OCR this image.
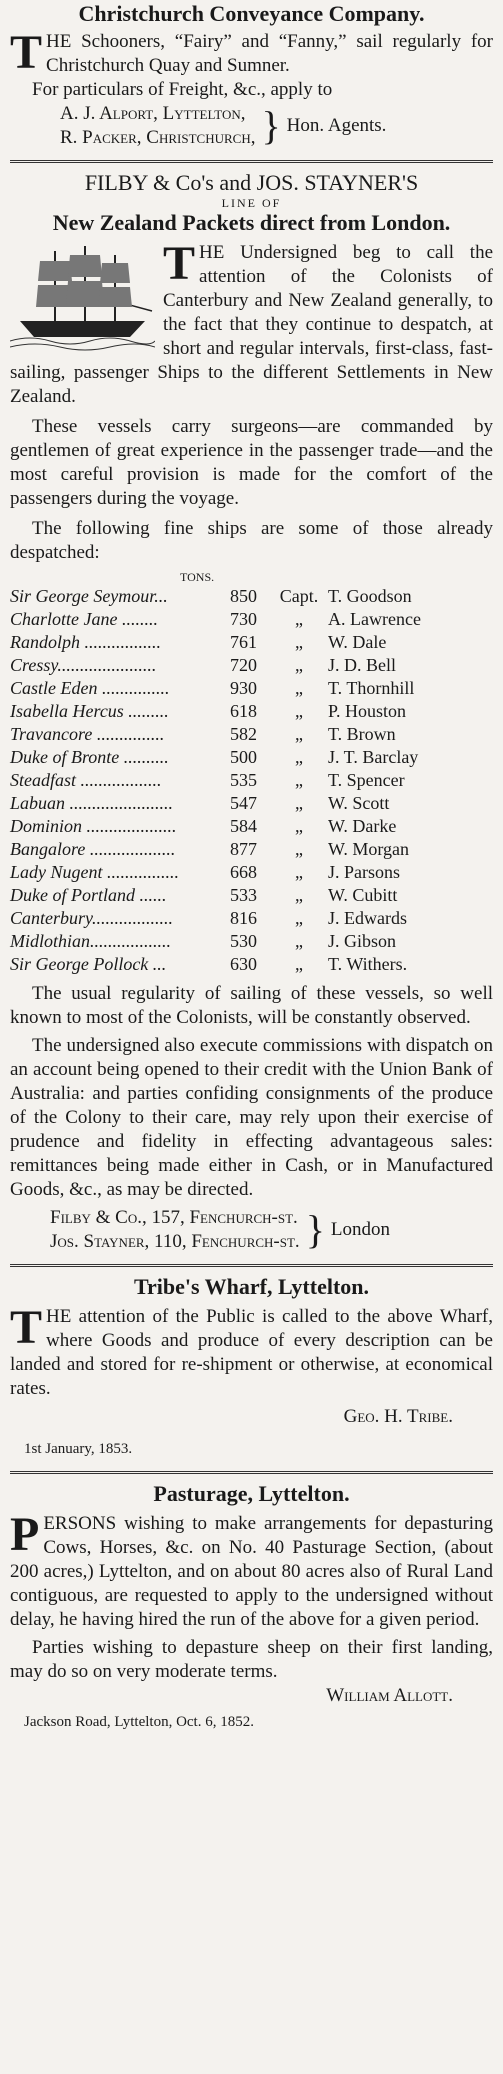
Christchurch Conveyance Company.

T HE Schooners, “Fairy” and “Fanny,” sail regularly for Christchurch Quay and Sumner.

For particulars of Freight, &c., apply to

A. J. Alport, Lyttelton,
R. Packer, Christchurch, } Hon. Agents.
FILBY & Co's and JOS. STAYNER'S
LINE OF
New Zealand Packets direct from London.

T HE Undersigned beg to call the attention of the Colonists of Canterbury and New Zealand generally, to the fact that they continue to despatch, at short and regular intervals, first-class, fast-sailing, passenger Ships to the different Settlements in New Zealand.

These vessels carry surgeons—are commanded by gentlemen of great experience in the passenger trade—and the most careful provision is made for the comfort of the passengers during the voyage.

The following fine ships are some of those already despatched:

TONS.
Sir George Seymour...	850	Capt.	T. Goodson
Charlotte Jane ........	730	„	A. Lawrence
Randolph .................	761	„	W. Dale
Cressy......................	720	„	J. D. Bell
Castle Eden ...............	930	„	T. Thornhill
Isabella Hercus .........	618	„	P. Houston
Travancore ...............	582	„	T. Brown
Duke of Bronte ..........	500	„	J. T. Barclay
Steadfast ..................	535	„	T. Spencer
Labuan .......................	547	„	W. Scott
Dominion ....................	584	„	W. Darke
Bangalore ...................	877	„	W. Morgan
Lady Nugent ................	668	„	J. Parsons
Duke of Portland ......	533	„	W. Cubitt
Canterbury..................	816	„	J. Edwards
Midlothian..................	530	„	J. Gibson
Sir George Pollock ...	630	„	T. Withers.

The usual regularity of sailing of these vessels, so well known to most of the Colonists, will be constantly observed.

The undersigned also execute commissions with dispatch on an account being opened to their credit with the Union Bank of Australia: and parties confiding consignments of the produce of the Colony to their care, may rely upon their exercise of prudence and fidelity in effecting advantageous sales: remittances being made either in Cash, or in Manufactured Goods, &c., as may be directed.

Filby & Co., 157, Fenchurch-st.
Jos. Stayner, 110, Fenchurch-st. } London
Tribe's Wharf, Lyttelton.

T HE attention of the Public is called to the above Wharf, where Goods and produce of every description can be landed and stored for re-shipment or otherwise, at economical rates.

Geo. H. Tribe.
1st January, 1853.
Pasturage, Lyttelton.

P ERSONS wishing to make arrangements for depasturing Cows, Horses, &c. on No. 40 Pasturage Section, (about 200 acres,) Lyttelton, and on about 80 acres also of Rural Land contiguous, are requested to apply to the undersigned without delay, he having hired the run of the above for a given period.

Parties wishing to depasture sheep on their first landing, may do so on very moderate terms.

William Allott.
Jackson Road, Lyttelton, Oct. 6, 1852.
